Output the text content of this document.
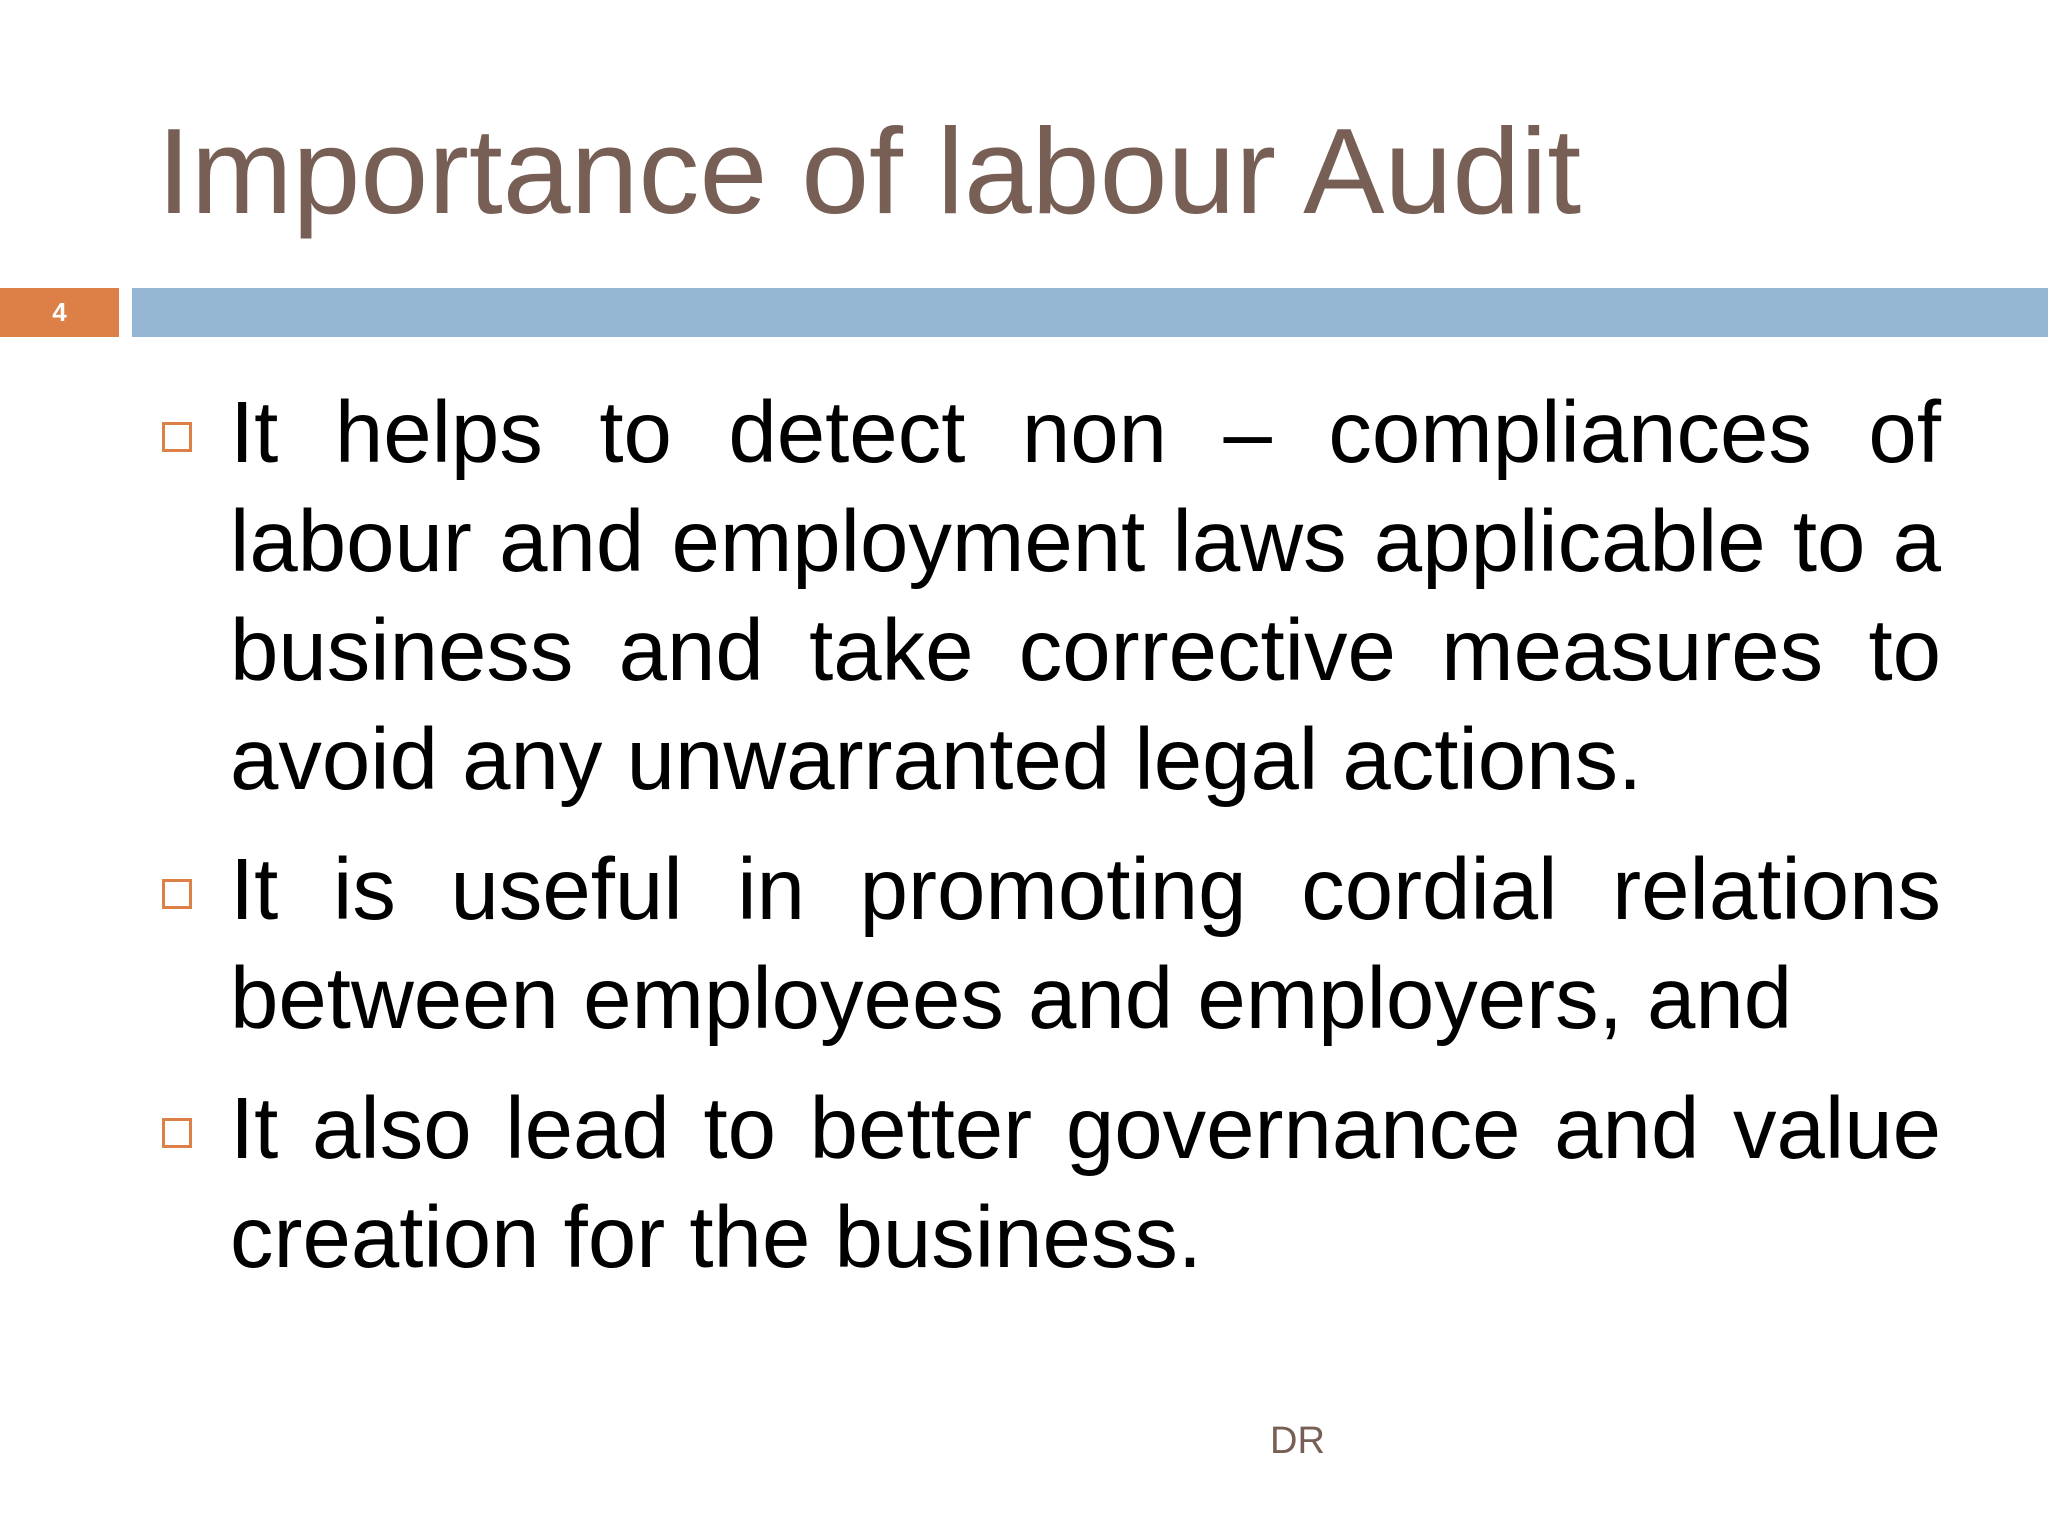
Importance of labour Audit
4
It helps to detect non – compliances of labour and employment laws applicable to a business and take corrective measures to avoid any unwarranted legal actions.
It is useful in promoting cordial relations between employees and employers, and
It also lead to better governance and value creation for the business.
DR
